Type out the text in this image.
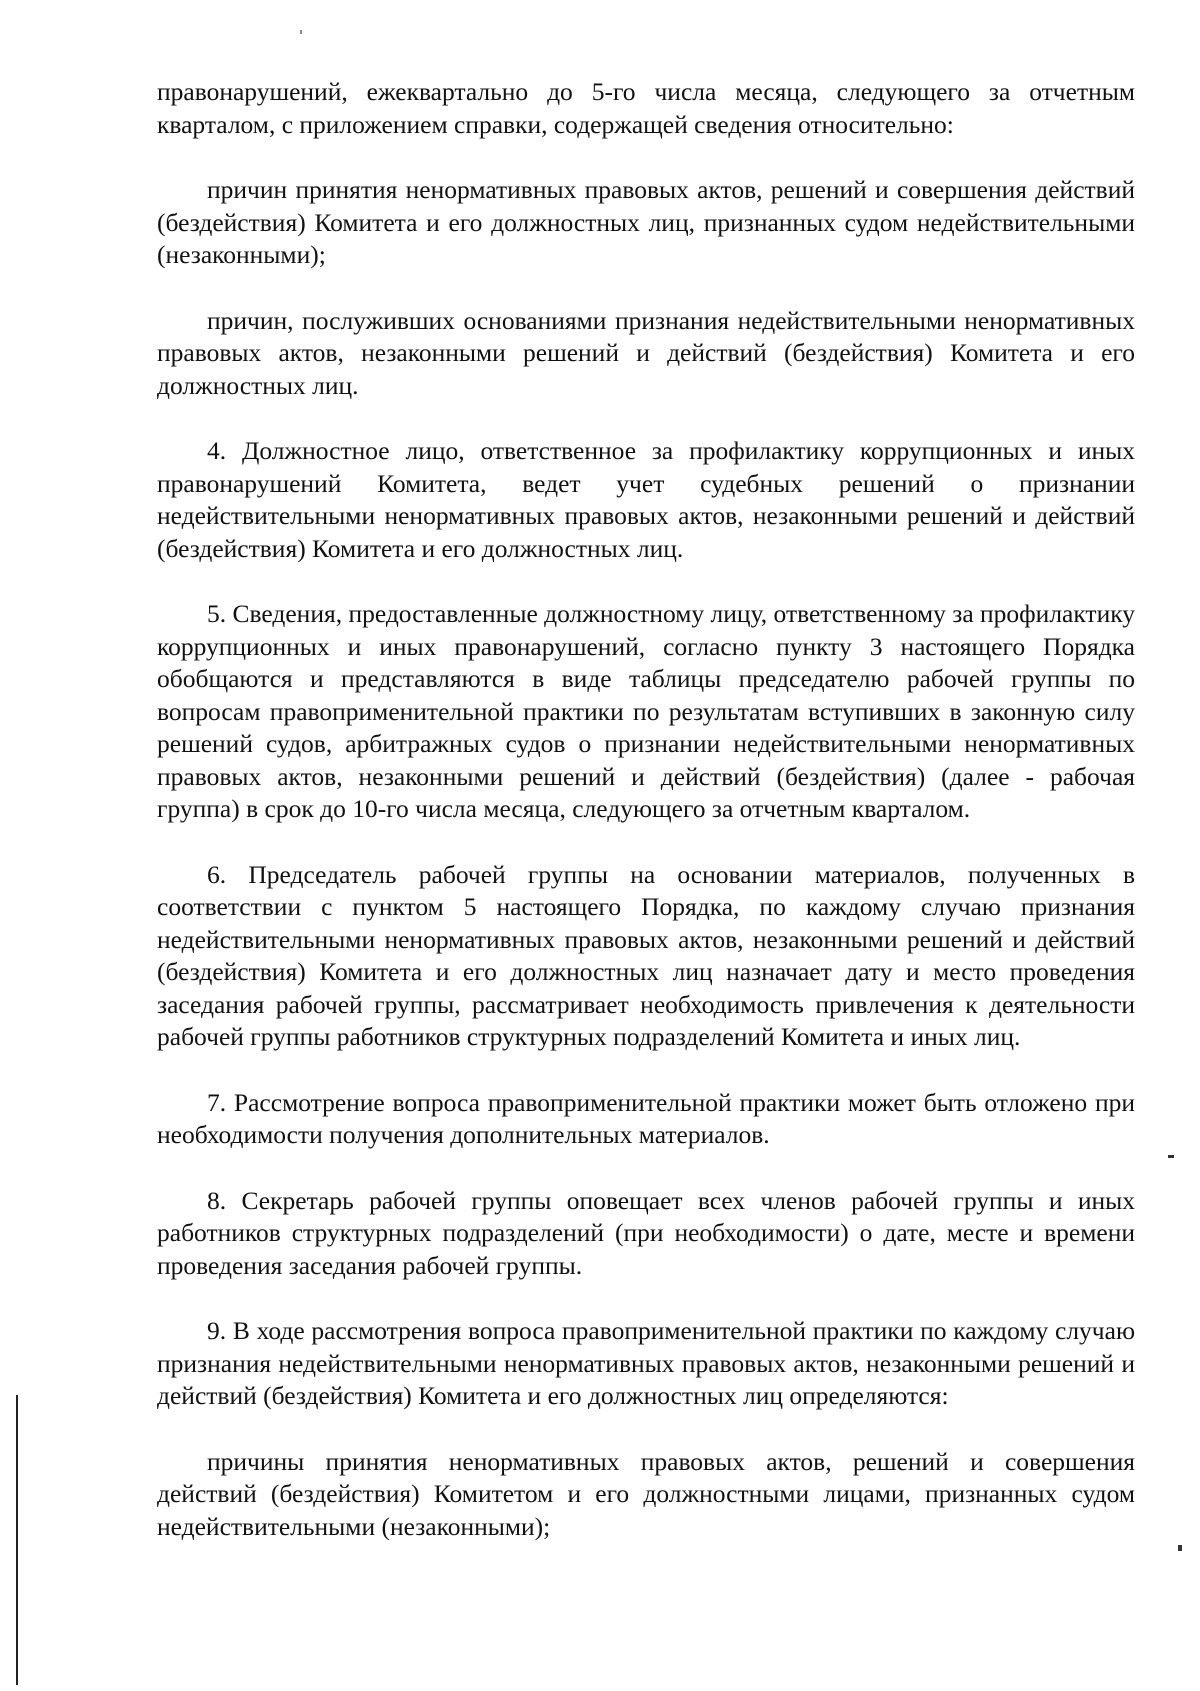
правонарушений, ежеквартально до 5-го числа месяца, следующего за отчетным кварталом, с приложением справки, содержащей сведения относительно:

причин принятия ненормативных правовых актов, решений и совершения действий (бездействия) Комитета и его должностных лиц, признанных судом недействительными (незаконными);

причин, послуживших основаниями признания недействительными ненормативных правовых актов, незаконными решений и действий (бездействия) Комитета и его должностных лиц.

4. Должностное лицо, ответственное за профилактику коррупционных и иных правонарушений Комитета, ведет учет судебных решений о признании недействительными ненормативных правовых актов, незаконными решений и действий (бездействия) Комитета и его должностных лиц.

5. Сведения, предоставленные должностному лицу, ответственному за профилактику коррупционных и иных правонарушений, согласно пункту 3 настоящего Порядка обобщаются и представляются в виде таблицы председателю рабочей группы по вопросам правоприменительной практики по результатам вступивших в законную силу решений судов, арбитражных судов о признании недействительными ненормативных правовых актов, незаконными решений и действий (бездействия) (далее - рабочая группа) в срок до 10-го числа месяца, следующего за отчетным кварталом.

6. Председатель рабочей группы на основании материалов, полученных в соответствии с пунктом 5 настоящего Порядка, по каждому случаю признания недействительными ненормативных правовых актов, незаконными решений и действий (бездействия) Комитета и его должностных лиц назначает дату и место проведения заседания рабочей группы, рассматривает необходимость привлечения к деятельности рабочей группы работников структурных подразделений Комитета и иных лиц.

7. Рассмотрение вопроса правоприменительной практики может быть отложено при необходимости получения дополнительных материалов.

8. Секретарь рабочей группы оповещает всех членов рабочей группы и иных работников структурных подразделений (при необходимости) о дате, месте и времени проведения заседания рабочей группы.

9. В ходе рассмотрения вопроса правоприменительной практики по каждому случаю признания недействительными ненормативных правовых актов, незаконными решений и действий (бездействия) Комитета и его должностных лиц определяются:

причины принятия ненормативных правовых актов, решений и совершения действий (бездействия) Комитетом и его должностными лицами, признанных судом недействительными (незаконными);
